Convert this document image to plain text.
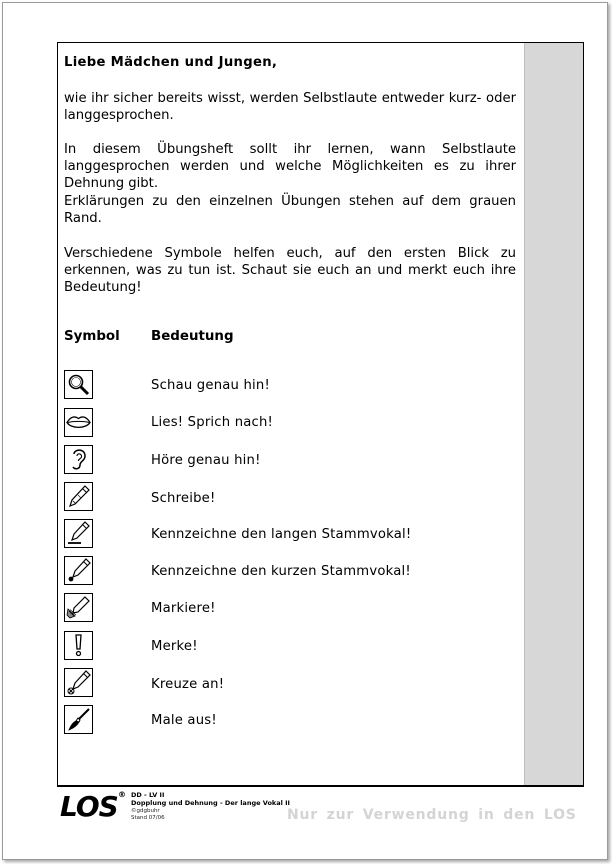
Liebe Mädchen und Jungen,
wie ihr sicher bereits wisst, werden Selbstlaute entweder kurz- oder langgesprochen.
In diesem Übungsheft sollt ihr lernen, wann Selbstlaute langgesprochen werden und welche Möglichkeiten es zu ihrer Dehnung gibt.
Erklärungen zu den einzelnen Übungen stehen auf dem grauen Rand.
Verschiedene Symbole helfen euch, auf den ersten Blick zu erkennen, was zu tun ist. Schaut sie euch an und merkt euch ihre Bedeutung!
Symbol Bedeutung
Schau genau hin!
Lies! Sprich nach!
Höre genau hin!
Schreibe!
Kennzeichne den langen Stammvokal!
Kennzeichne den kurzen Stammvokal!
Markiere!
Merke!
Kreuze an!
Male aus!
LOS ® DD - LV II
Dopplung und Dehnung - Der lange Vokal II
©gdgbuhr
Stand 07/06	Nur zur Verwendung in den LOS
